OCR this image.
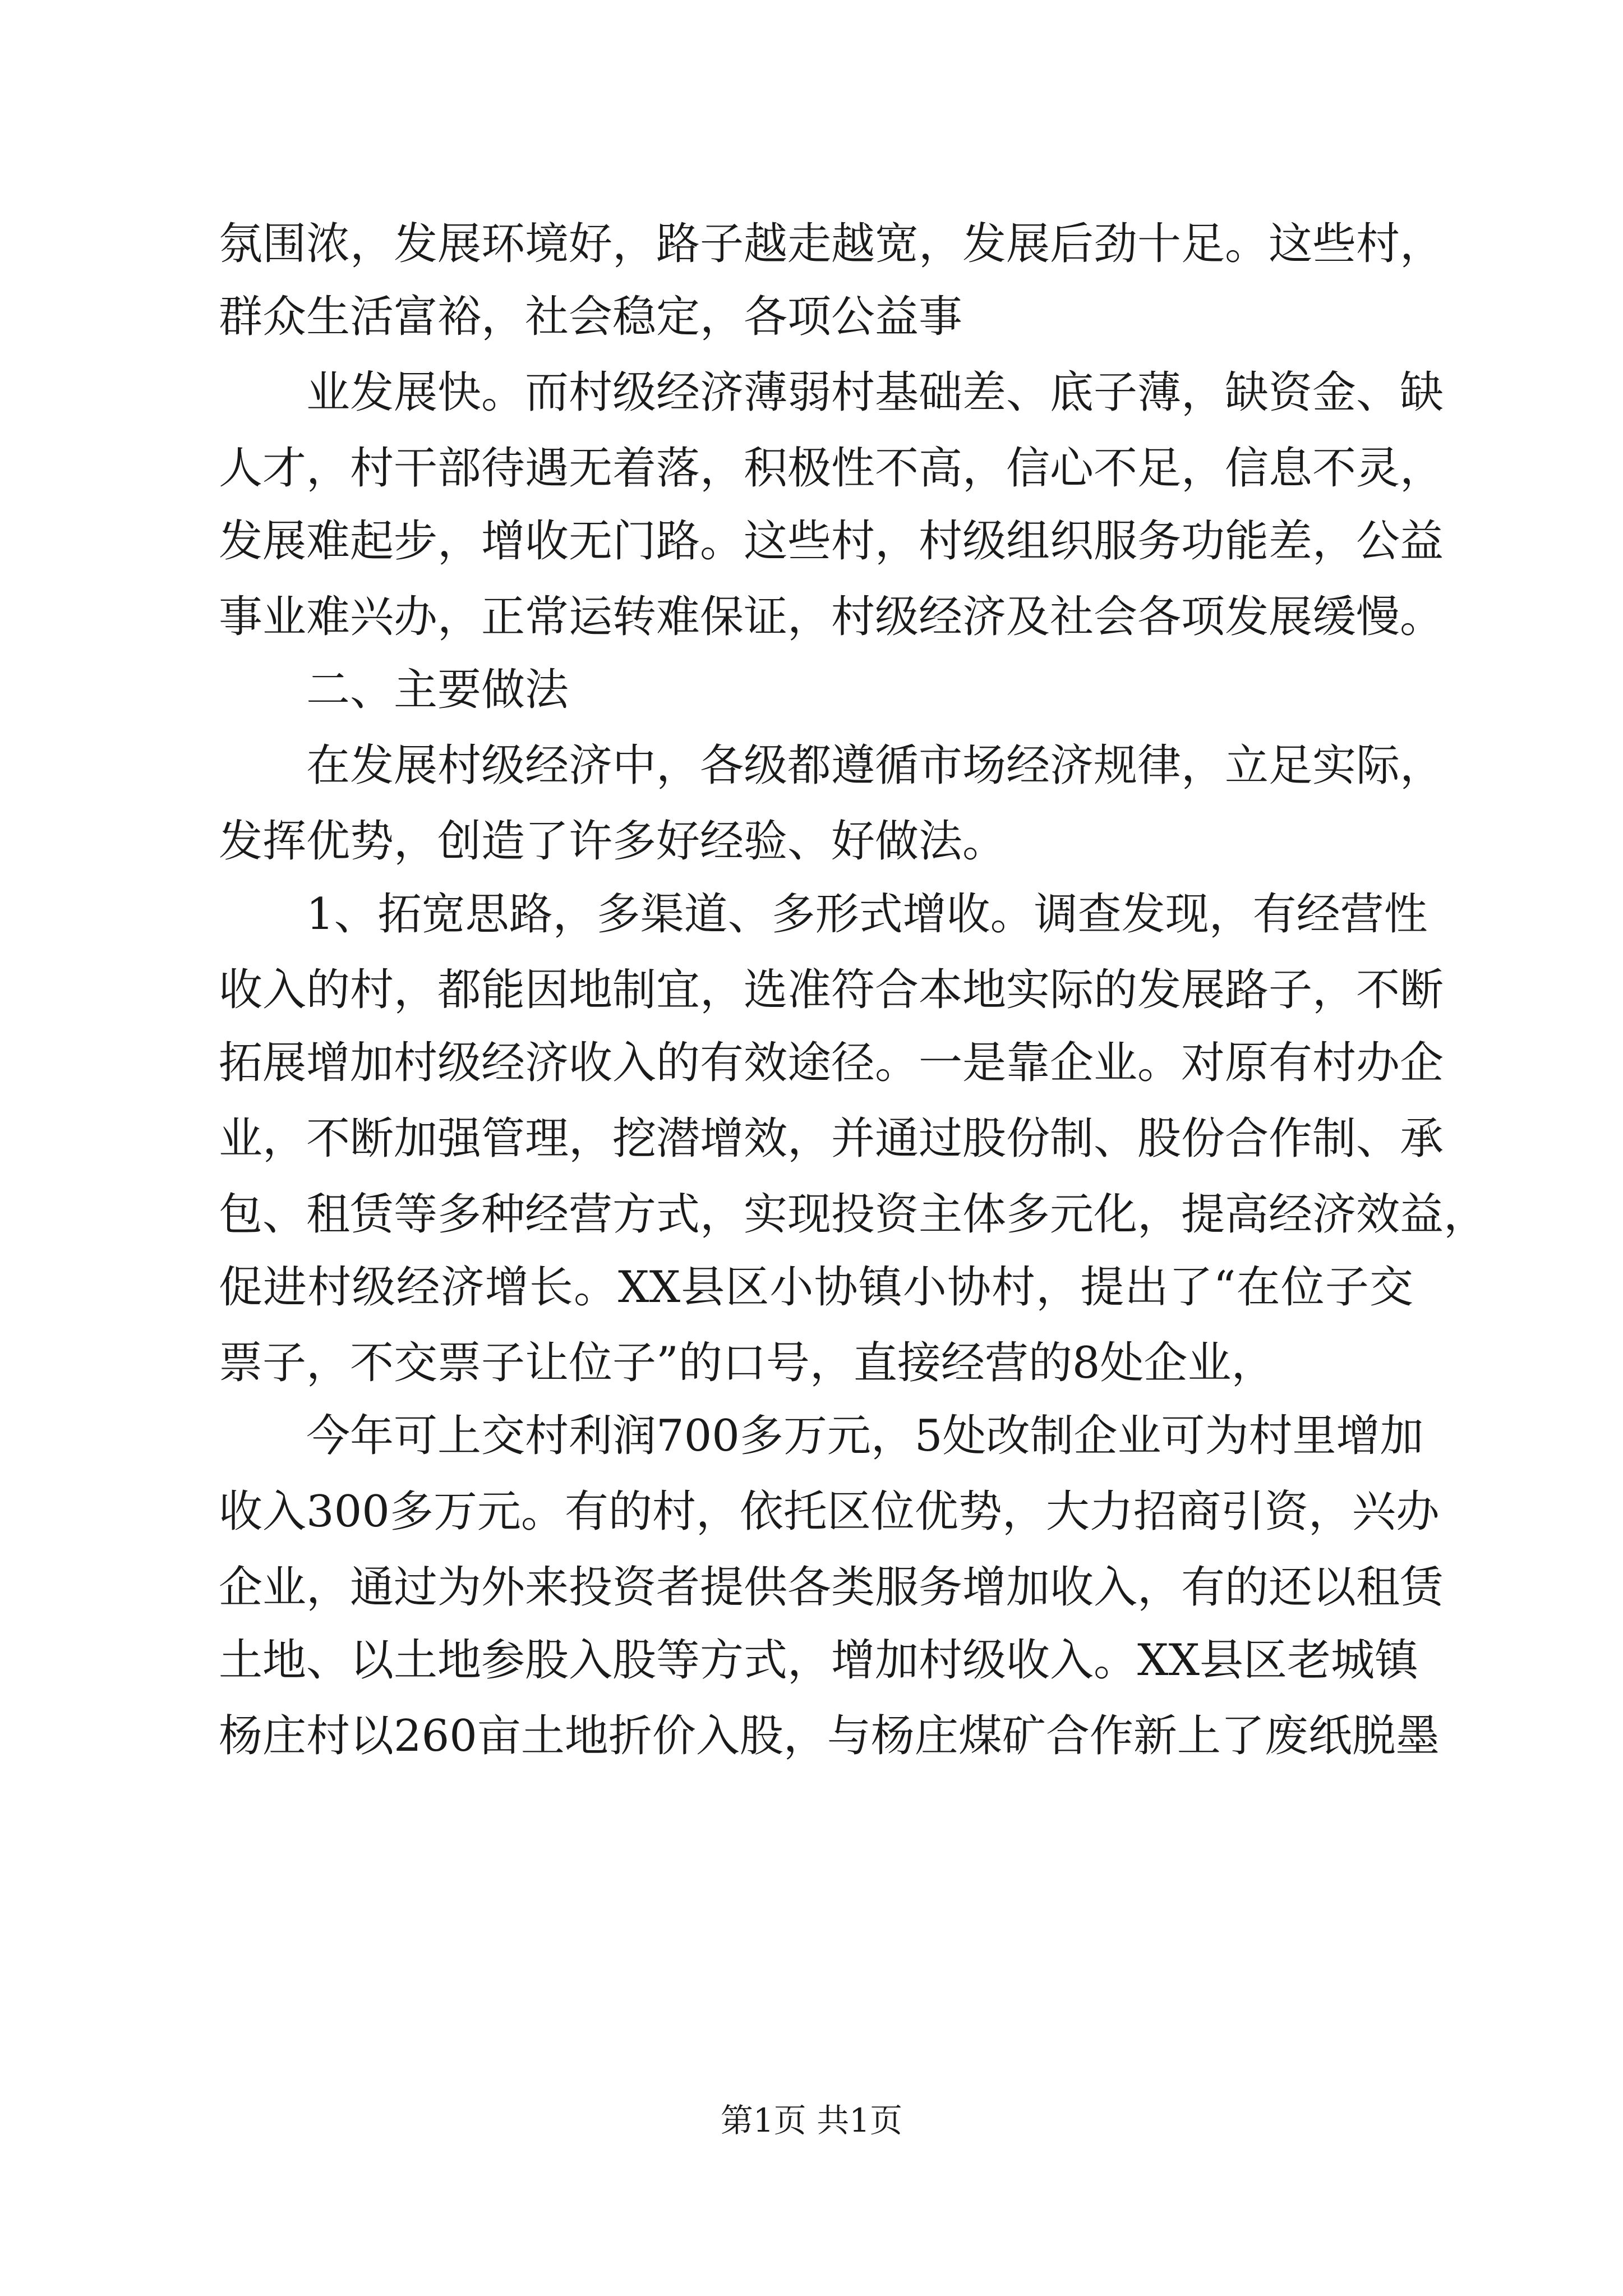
氛围浓，发展环境好，路子越走越宽，发展后劲十足。这些村，
群众生活富裕，社会稳定，各项公益事
业发展快。而村级经济薄弱村基础差、底子薄，缺资金、缺
人才，村干部待遇无着落，积极性不高，信心不足，信息不灵，
发展难起步，增收无门路。这些村，村级组织服务功能差，公益
事业难兴办，正常运转难保证，村级经济及社会各项发展缓慢。
二、主要做法
在发展村级经济中，各级都遵循市场经济规律，立足实际，
发挥优势，创造了许多好经验、好做法。
1、拓宽思路，多渠道、多形式增收。调查发现，有经营性
收入的村，都能因地制宜，选准符合本地实际的发展路子，不断
拓展增加村级经济收入的有效途径。一是靠企业。对原有村办企
业，不断加强管理，挖潜增效，并通过股份制、股份合作制、承
包、租赁等多种经营方式，实现投资主体多元化，提高经济效益，
促进村级经济增长。XX县区小协镇小协村，提出了“在位子交
票子，不交票子让位子”的口号，直接经营的8处企业，
今年可上交村利润700多万元，5处改制企业可为村里增加
收入300多万元。有的村，依托区位优势，大力招商引资，兴办
企业，通过为外来投资者提供各类服务增加收入，有的还以租赁
土地、以土地参股入股等方式，增加村级收入。XX县区老城镇
杨庄村以260亩土地折价入股，与杨庄煤矿合作新上了废纸脱墨
第1页 共1页
